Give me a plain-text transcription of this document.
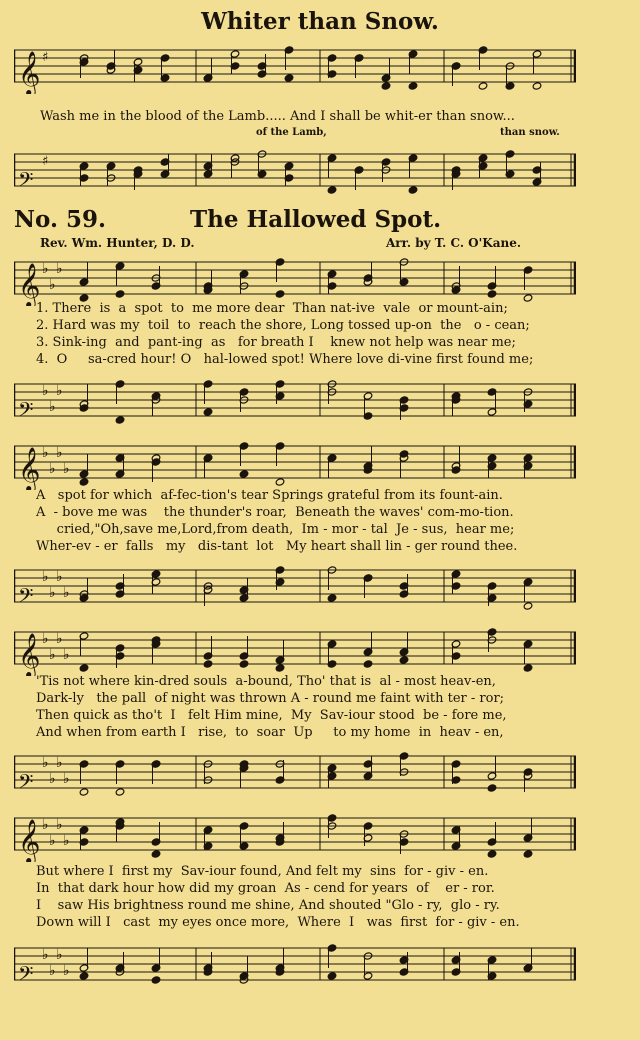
Whiter than Snow.
𝄞 ♯
Wash me in the blood of the Lamb..... And I shall be whit-er than snow...
of the Lamb,	than snow.
𝄢
♯
No. 59.	The Hallowed Spot.
Rev. Wm. Hunter, D. D.	Arr. by T. C. O'Kane.
𝄞 ♭
♭
♭
1. There  is  a  spot  to  me more dear  Than nat-ive  vale  or mount-ain;
2. Hard was my  toil  to  reach the shore, Long tossed up-on  the   o - cean;
3. Sink-ing  and  pant-ing  as   for breath I    knew not help was near me;
4.  O     sa-cred hour! O   hal-lowed spot! Where love di-vine first found me;
𝄢
♭
♭
♭
𝄞 ♭
♭
♭
♭
A   spot for which  af-fec-tion's tear Springs grateful from its fount-ain.
A  - bove me was    the thunder's roar,  Beneath the waves' com-mo-tion.
cried,"Oh,save me,Lord,from death,  Im - mor - tal  Je - sus,  hear me;
Wher-ev - er  falls   my   dis-tant  lot   My heart shall lin - ger round thee.
𝄢
♭
♭
♭
♭
𝄞 ♭
♭
♭
♭
'Tis not where kin-dred souls  a-bound, Tho' that is  al - most heav-en,
Dark-ly   the pall  of night was thrown A - round me faint with ter - ror;
Then quick as tho't  I   felt Him mine,  My  Sav-iour stood  be - fore me,
And when from earth I   rise,  to  soar  Up     to my home  in  heav - en,
𝄢
♭
♭
♭
♭
𝄞 ♭
♭
♭
♭
But where I  first my  Sav-iour found, And felt my  sins  for - giv - en.
In  that dark hour how did my groan  As - cend for years  of    er - ror.
I    saw His brightness round me shine, And shouted "Glo - ry,  glo - ry.
Down will I   cast  my eyes once more,  Where  I   was  first  for - giv - en.
𝄢
♭
♭
♭
♭
